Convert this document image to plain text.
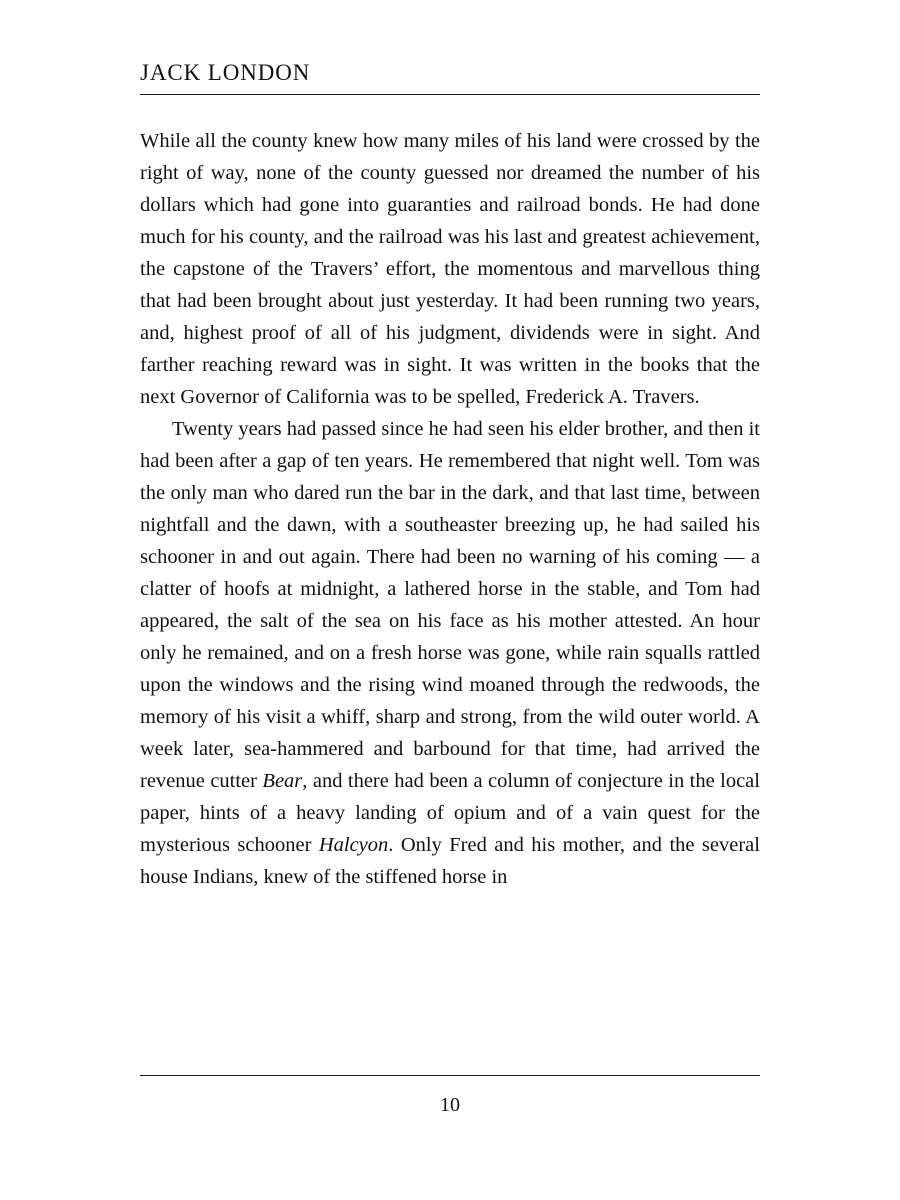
JACK LONDON

While all the county knew how many miles of his land were crossed by the right of way, none of the county guessed nor dreamed the number of his dollars which had gone into guaranties and railroad bonds. He had done much for his county, and the railroad was his last and greatest achievement, the capstone of the Travers’ effort, the momentous and marvellous thing that had been brought about just yesterday. It had been running two years, and, highest proof of all of his judgment, dividends were in sight. And farther reaching reward was in sight. It was written in the books that the next Governor of California was to be spelled, Frederick A. Travers.

Twenty years had passed since he had seen his elder brother, and then it had been after a gap of ten years. He remembered that night well. Tom was the only man who dared run the bar in the dark, and that last time, between nightfall and the dawn, with a southeaster breezing up, he had sailed his schooner in and out again. There had been no warning of his coming — a clatter of hoofs at midnight, a lathered horse in the stable, and Tom had appeared, the salt of the sea on his face as his mother attested. An hour only he remained, and on a fresh horse was gone, while rain squalls rattled upon the windows and the rising wind moaned through the redwoods, the memory of his visit a whiff, sharp and strong, from the wild outer world. A week later, sea-hammered and barbound for that time, had arrived the revenue cutter Bear, and there had been a column of conjecture in the local paper, hints of a heavy landing of opium and of a vain quest for the mysterious schooner Halcyon. Only Fred and his mother, and the several house Indians, knew of the stiffened horse in

10
